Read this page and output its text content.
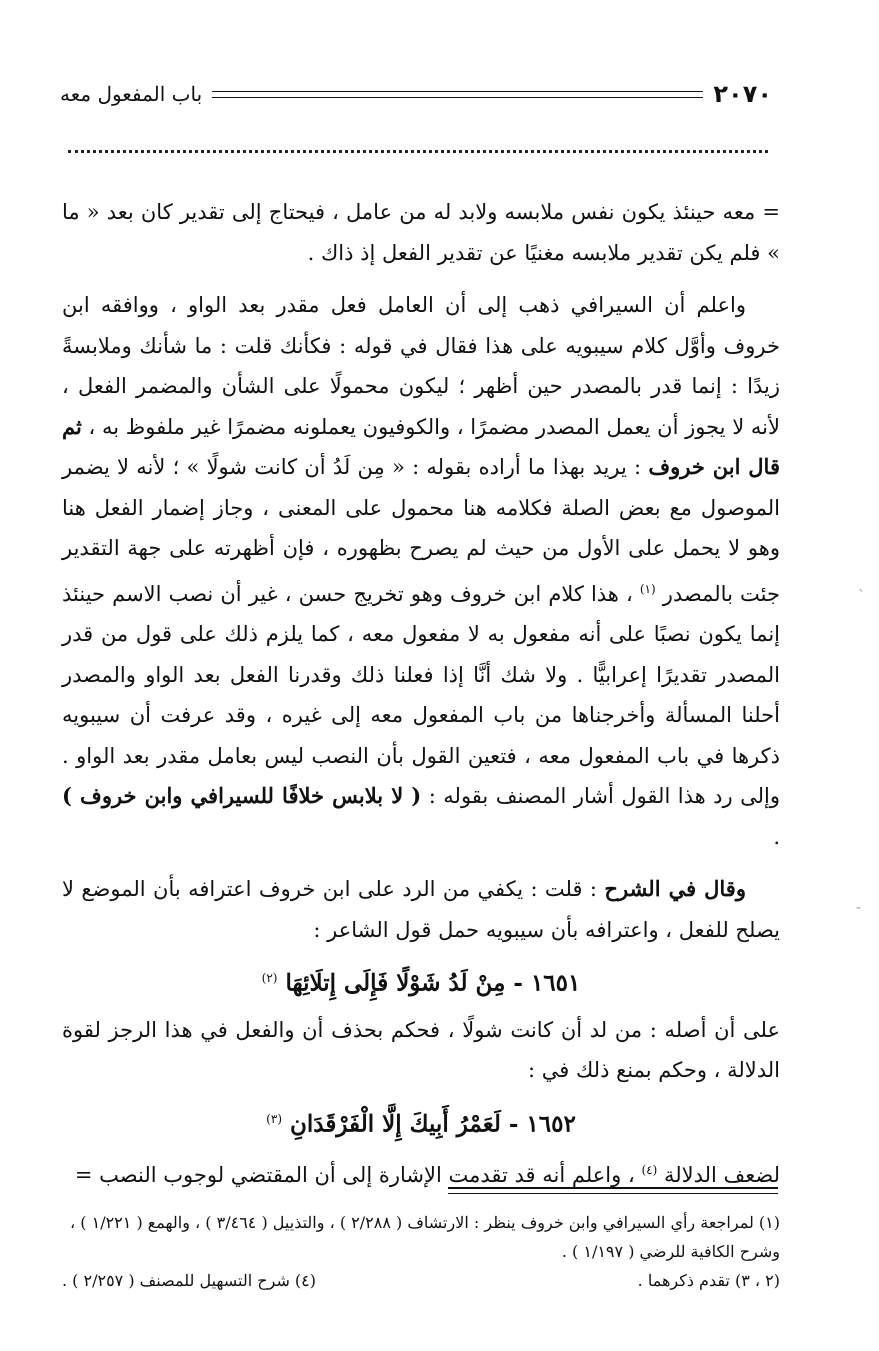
٢٠٧٠
باب المفعول معه

= معه حينئذ يكون نفس ملابسه ولابد له من عامل ، فيحتاج إلى تقدير كان بعد « ما » فلم يكن تقدير ملابسه مغنيًا عن تقدير الفعل إذ ذاك .

واعلم أن السيرافي ذهب إلى أن العامل فعل مقدر بعد الواو ، ووافقه ابن خروف وأوَّل كلام سيبويه على هذا فقال في قوله : فكأنك قلت : ما شأنك وملابسةً زيدًا : إنما قدر بالمصدر حين أظهر ؛ ليكون محمولًا على الشأن والمضمر الفعل ، لأنه لا يجوز أن يعمل المصدر مضمرًا ، والكوفيون يعملونه مضمرًا غير ملفوظ به ، ثم قال ابن خروف : يريد بهذا ما أراده بقوله : « مِن لَدُ أن كانت شولًا » ؛ لأنه لا يضمر الموصول مع بعض الصلة فكلامه هنا محمول على المعنى ، وجاز إضمار الفعل هنا وهو لا يحمل على الأول من حيث لم يصرح بظهوره ، فإن أظهرته على جهة التقدير جئت بالمصدر $^{(١)}$ ، هذا كلام ابن خروف وهو تخريج حسن ، غير أن نصب الاسم حينئذ إنما يكون نصبًا على أنه مفعول به لا مفعول معه ، كما يلزم ذلك على قول من قدر المصدر تقديرًا إعرابيًّا . ولا شك أنَّا إذا فعلنا ذلك وقدرنا الفعل بعد الواو والمصدر أحلنا المسألة وأخرجناها من باب المفعول معه إلى غيره ، وقد عرفت أن سيبويه ذكرها في باب المفعول معه ، فتعين القول بأن النصب ليس بعامل مقدر بعد الواو . وإلى رد هذا القول أشار المصنف بقوله : ( لا بلابس خلافًا للسيرافي وابن خروف ) .

وقال في الشرح : قلت : يكفي من الرد على ابن خروف اعترافه بأن الموضع لا يصلح للفعل ، واعترافه بأن سيبويه حمل قول الشاعر :

١٦٥١ - مِنْ لَدُ شَوْلًا فَإِلَى إِتلَائِهَا $^{(٢)}$

على أن أصله : من لد أن كانت شولًا ، فحكم بحذف أن والفعل في هذا الرجز لقوة الدلالة ، وحكم بمنع ذلك في :

١٦٥٢ - لَعَمْرُ أَبِيكَ إِلَّا الْفَرْقَدَانِ $^{(٣)}$

لضعف الدلالة $^{(٤)}$ ، واعلم أنه قد تقدمت الإشارة إلى أن المقتضي لوجوب النصب =

(١) لمراجعة رأي السيرافي وابن خروف ينظر : الارتشاف ( ٢/٢٨٨ ) ، والتذييل ( ٣/٤٦٤ ) ، والهمع ( ١/٢٢١ ) ، وشرح الكافية للرضي ( ١/١٩٧ ) .

(٢ ، ٣) تقدم ذكرهما .
(٤) شرح التسهيل للمصنف ( ٢/٢٥٧ ) .
ˎ
-
